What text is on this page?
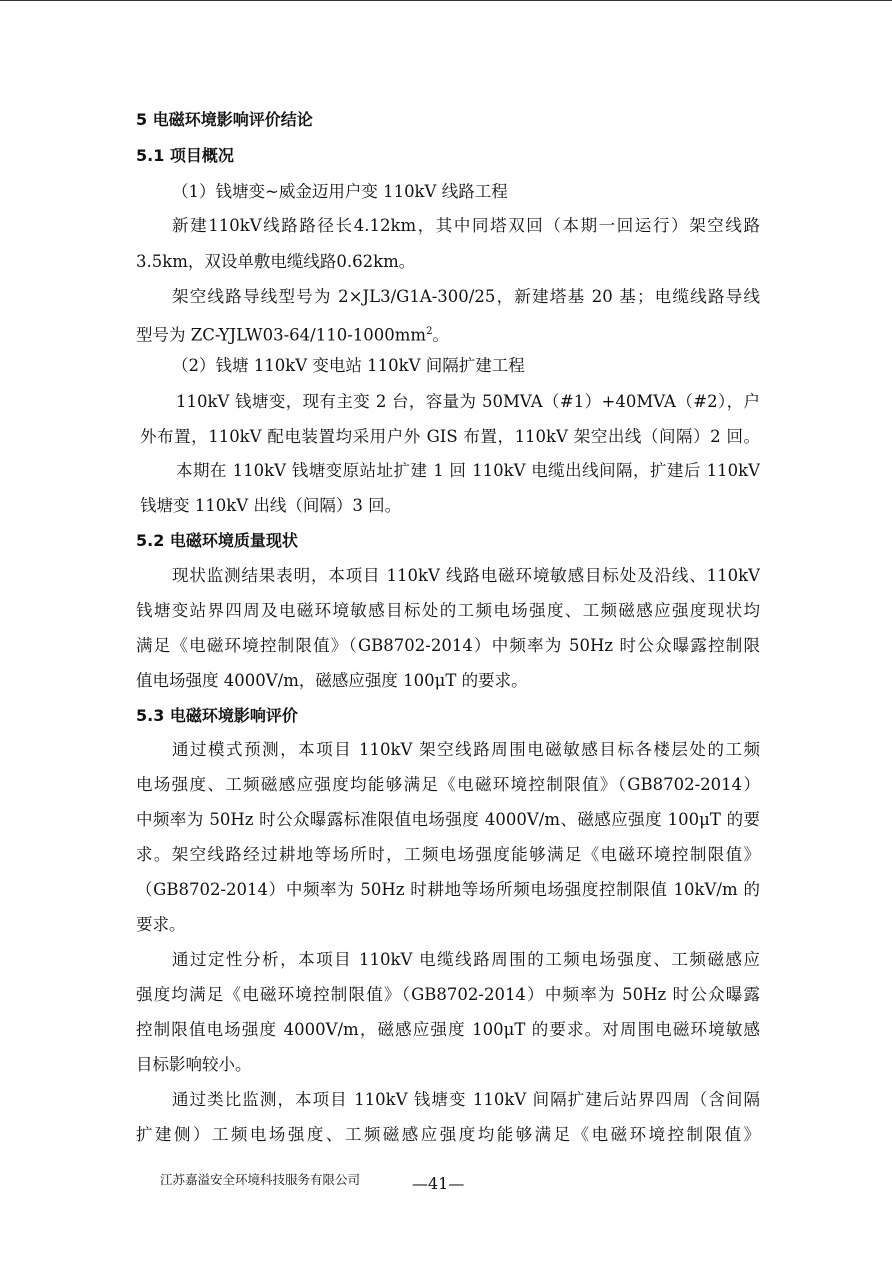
5 电磁环境影响评价结论
5.1 项目概况
（1）钱塘变~威金迈用户变 110kV 线路工程
新建110kV线路路径长4.12km，其中同塔双回（本期一回运行）架空线路
3.5km，双设单敷电缆线路0.62km。
架空线路导线型号为 2×JL3/G1A-300/25，新建塔基 20 基；电缆线路导线
型号为 $ZC-YJLW03-64/110-1000mm^2$。
（2）钱塘 110kV 变电站 110kV 间隔扩建工程
110kV 钱塘变，现有主变 2 台，容量为 50MVA（#1）+40MVA（#2），户
外布置，110kV 配电装置均采用户外 GIS 布置，110kV 架空出线（间隔）2 回。
本期在 110kV 钱塘变原站址扩建 1 回 110kV 电缆出线间隔，扩建后 110kV
钱塘变 110kV 出线（间隔）3 回。
5.2 电磁环境质量现状
现状监测结果表明，本项目 110kV 线路电磁环境敏感目标处及沿线、110kV
钱塘变站界四周及电磁环境敏感目标处的工频电场强度、工频磁感应强度现状均
满足《电磁环境控制限值》（GB8702-2014）中频率为 50Hz 时公众曝露控制限
值电场强度 4000V/m，磁感应强度 100μT 的要求。
5.3 电磁环境影响评价
通过模式预测，本项目 110kV 架空线路周围电磁敏感目标各楼层处的工频
电场强度、工频磁感应强度均能够满足《电磁环境控制限值》（GB8702-2014）
中频率为 50Hz 时公众曝露标准限值电场强度 4000V/m、磁感应强度 100μT 的要
求。架空线路经过耕地等场所时，工频电场强度能够满足《电磁环境控制限值》
（GB8702-2014）中频率为 50Hz 时耕地等场所频电场强度控制限值 10kV/m 的
要求。
通过定性分析，本项目 110kV 电缆线路周围的工频电场强度、工频磁感应
强度均满足《电磁环境控制限值》（GB8702-2014）中频率为 50Hz 时公众曝露
控制限值电场强度 4000V/m，磁感应强度 100μT 的要求。对周围电磁环境敏感
目标影响较小。
通过类比监测，本项目 110kV 钱塘变 110kV 间隔扩建后站界四周（含间隔
扩建侧）工频电场强度、工频磁感应强度均能够满足《电磁环境控制限值》
江苏嘉溢安全环境科技服务有限公司	—41—
